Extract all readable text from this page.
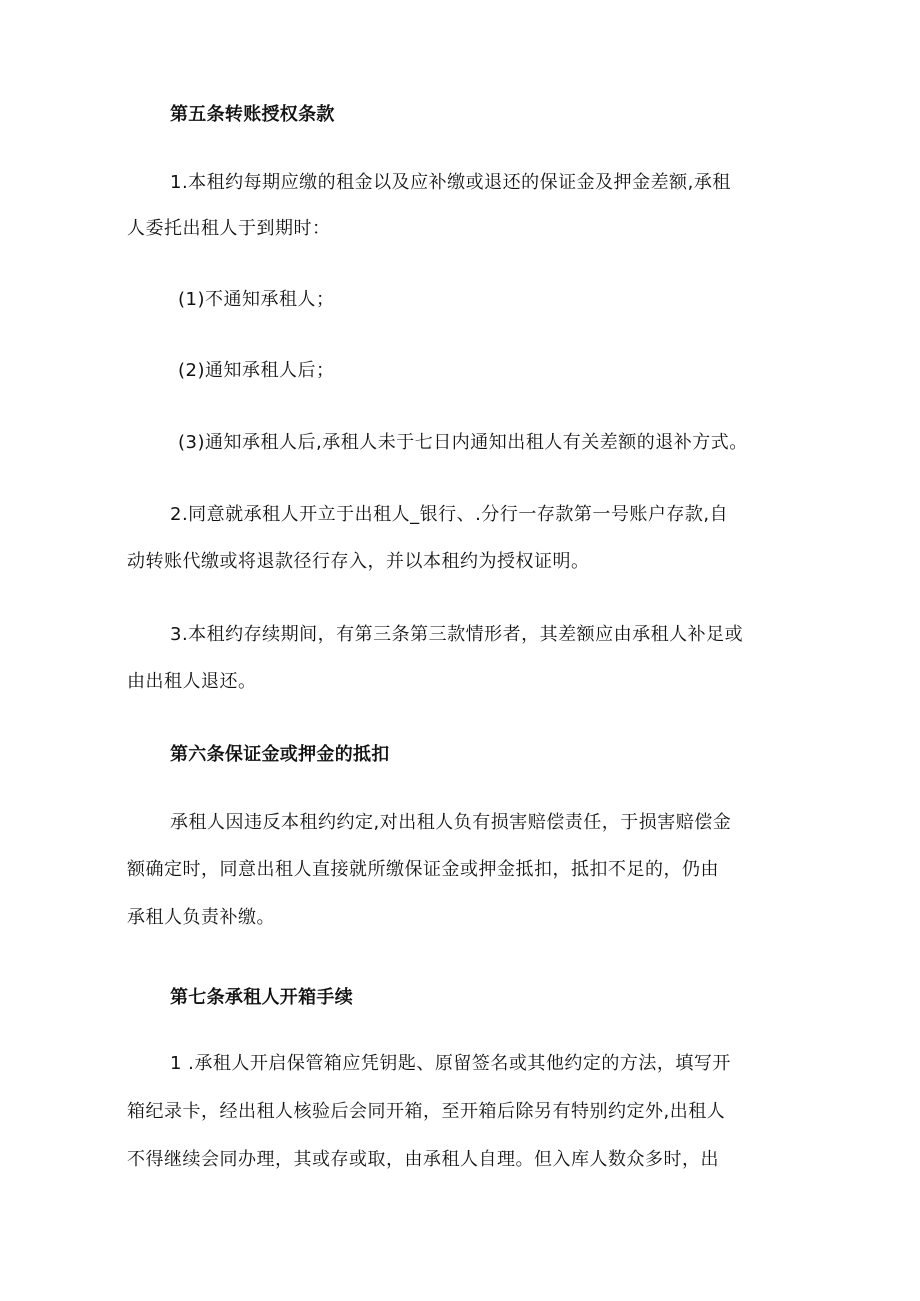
第五条转账授权条款
1.本租约每期应缴的租金以及应补缴或退还的保证金及押金差额,承租
人委托出租人于到期时：
(1)不通知承租人；
(2)通知承租人后；
(3)通知承租人后,承租人未于七日内通知出租人有关差额的退补方式。
2.同意就承租人开立于出租人_银行、.分行一存款第一号账户存款,自
动转账代缴或将退款径行存入，并以本租约为授权证明。
3.本租约存续期间，有第三条第三款情形者，其差额应由承租人补足或
由出租人退还。
第六条保证金或押金的抵扣
承租人因违反本租约约定,对出租人负有损害赔偿责任，于损害赔偿金
额确定时，同意出租人直接就所缴保证金或押金抵扣，抵扣不足的，仍由
承租人负责补缴。
第七条承租人开箱手续
1 .承租人开启保管箱应凭钥匙、原留签名或其他约定的方法，填写开
箱纪录卡，经出租人核验后会同开箱，至开箱后除另有特别约定外,出租人
不得继续会同办理，其或存或取，由承租人自理。但入库人数众多时，出
